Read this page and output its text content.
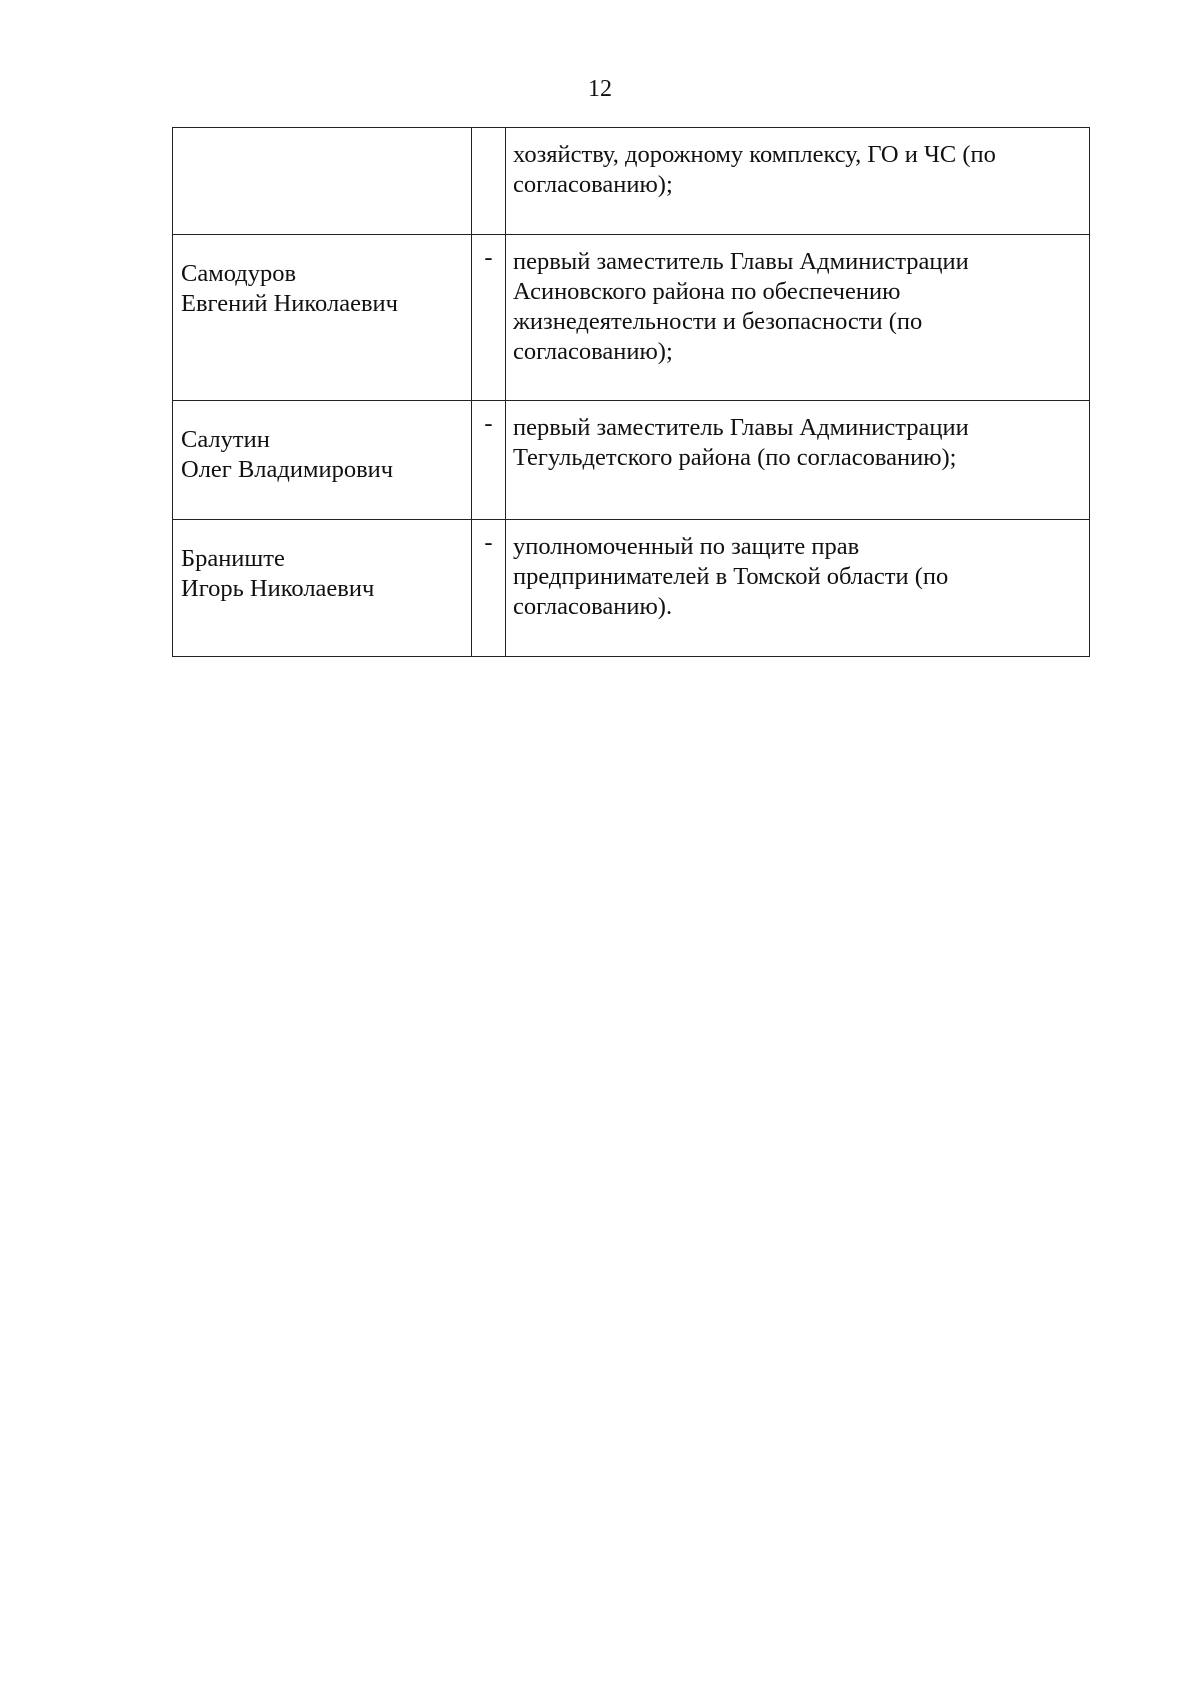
12

		хозяйству, дорожному комплексу, ГО и ЧС (по
согласованию);

Самодуров
Евгений Николаевич	-	первый заместитель Главы Администрации
Асиновского района по обеспечению
жизнедеятельности и безопасности (по
согласованию);

Салутин
Олег Владимирович	-	первый заместитель Главы Администрации
Тегульдетского района (по согласованию);

Браниште
Игорь Николаевич	-	уполномоченный по защите прав
предпринимателей в Томской области (по
согласованию).
